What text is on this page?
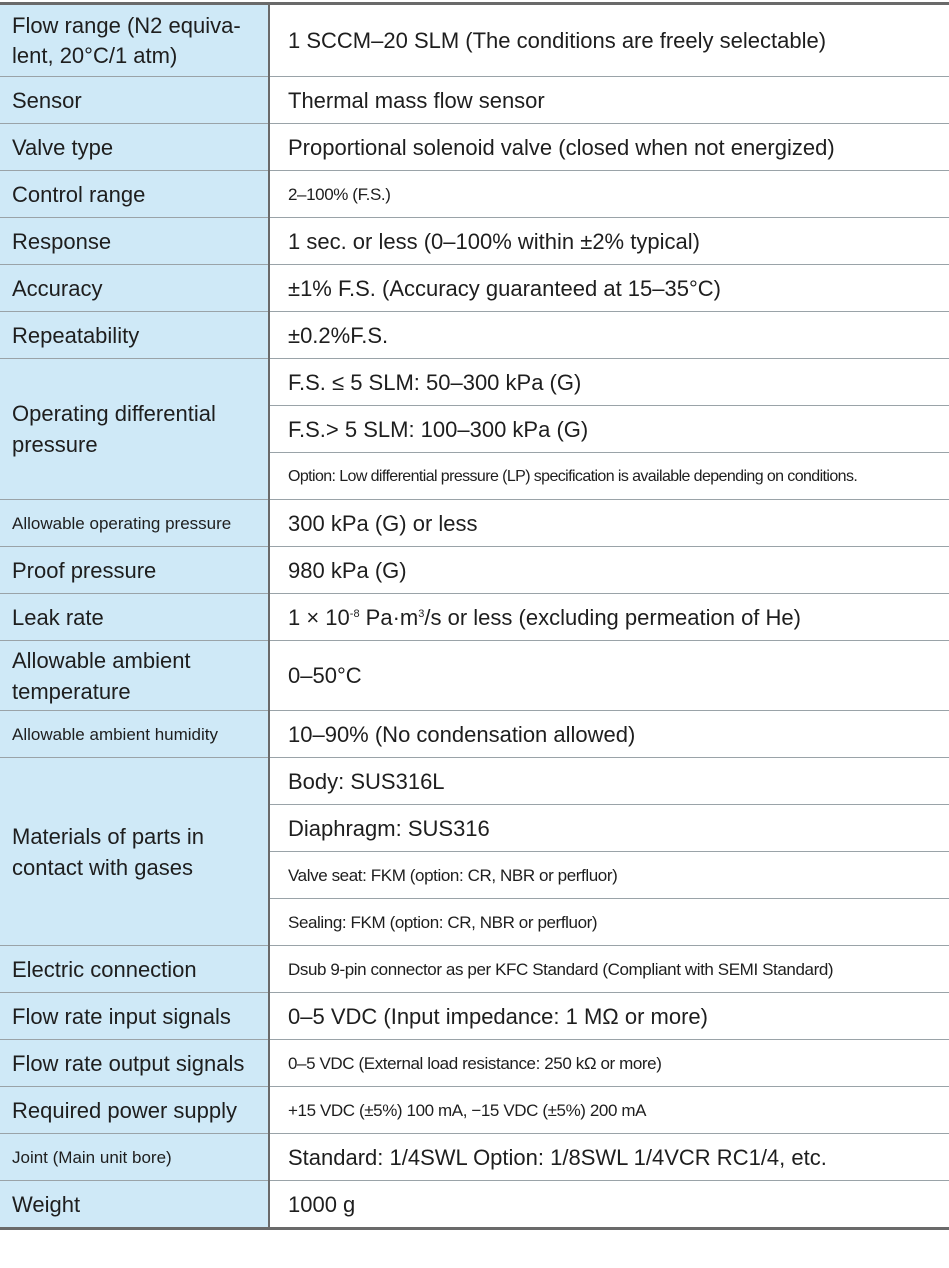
Flow range (N2 equiva-lent, 20°C/1 atm)	1 SCCM–20 SLM (The conditions are freely selectable)
Sensor	Thermal mass flow sensor
Valve type	Proportional solenoid valve (closed when not energized)
Control range	2–100% (F.S.)
Response	1 sec. or less (0–100% within ±2% typical)
Accuracy	±1% F.S. (Accuracy guaranteed at 15–35°C)
Repeatability	±0.2%F.S.
Operating differential pressure	F.S. ≤ 5 SLM: 50–300 kPa (G)
	F.S.> 5 SLM: 100–300 kPa (G)
	Option: Low differential pressure (LP) specification is available depending on conditions.
Allowable operating pressure	300 kPa (G) or less
Proof pressure	980 kPa (G)
Leak rate	$1 \times 10^{-8}$ $Pa\cdot m^3/s$ or less (excluding permeation of He)
Allowable ambient temperature	0–50°C
Allowable ambient humidity	10–90% (No condensation allowed)
Materials of parts in contact with gases	Body: SUS316L
	Diaphragm: SUS316
	Valve seat: FKM (option: CR, NBR or perfluor)
	Sealing: FKM (option: CR, NBR or perfluor)
Electric connection	Dsub 9-pin connector as per KFC Standard (Compliant with SEMI Standard)
Flow rate input signals	0–5 VDC (Input impedance: 1 MΩ or more)
Flow rate output signals	0–5 VDC (External load resistance: 250 kΩ or more)
Required power supply	+15 VDC (±5%) 100 mA, −15 VDC (±5%) 200 mA
Joint (Main unit bore)	Standard: 1/4SWL Option: 1/8SWL 1/4VCR RC1/4, etc.
Weight	1000 g
